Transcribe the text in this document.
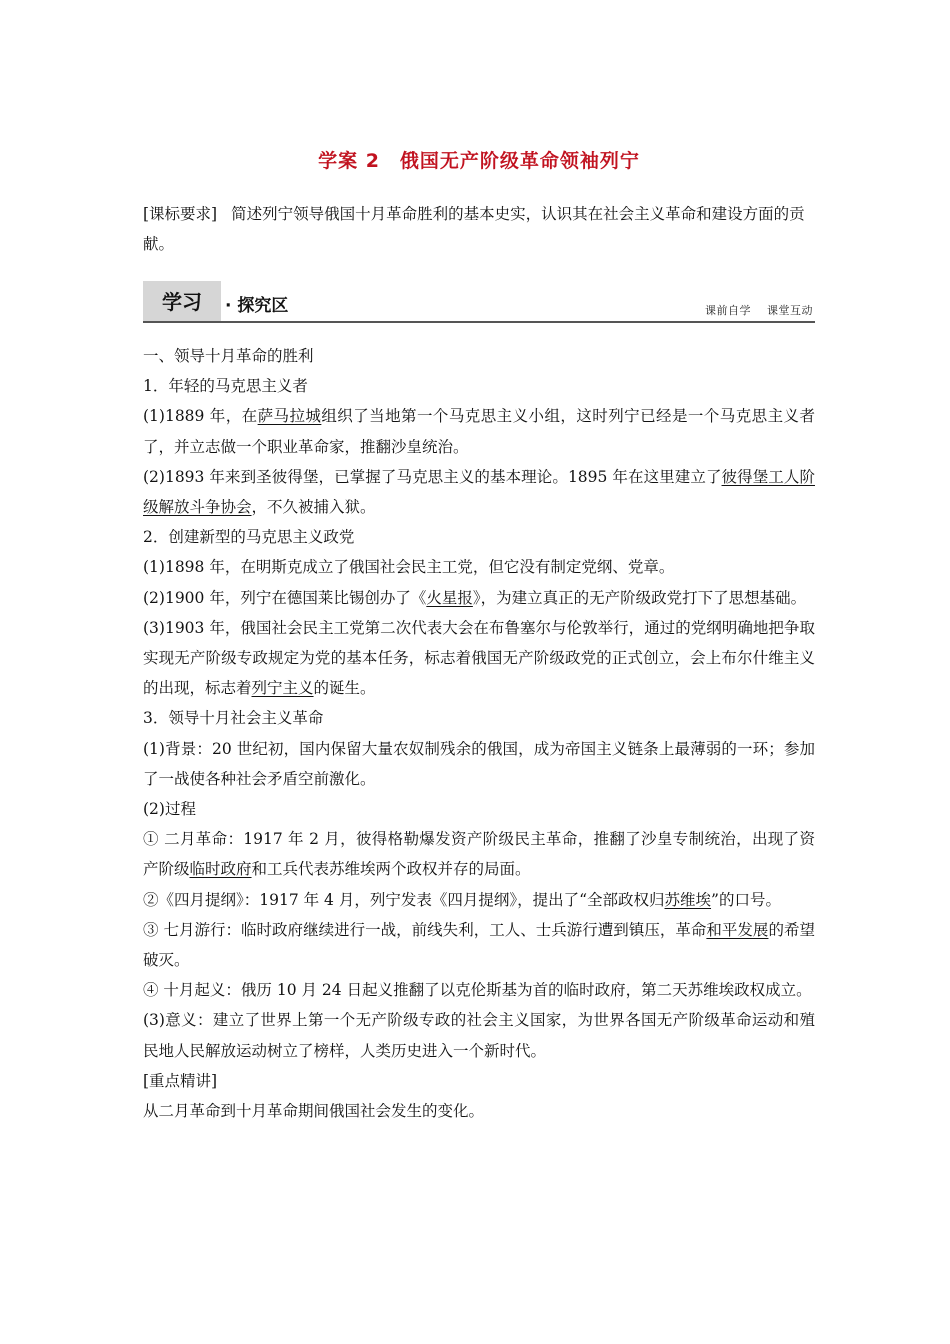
学案 2　俄国无产阶级革命领袖列宁
[课标要求] 简述列宁领导俄国十月革命胜利的基本史实，认识其在社会主义革命和建设方面的贡献。
学习	· 探究区	课前自学 课堂互动

一、领导十月革命的胜利

1．年轻的马克思主义者

(1)1889 年，在萨马拉城组织了当地第一个马克思主义小组，这时列宁已经是一个马克思主义者了，并立志做一个职业革命家，推翻沙皇统治。

(2)1893 年来到圣彼得堡，已掌握了马克思主义的基本理论。1895 年在这里建立了彼得堡工人阶级解放斗争协会，不久被捕入狱。

2．创建新型的马克思主义政党

(1)1898 年，在明斯克成立了俄国社会民主工党，但它没有制定党纲、党章。

(2)1900 年，列宁在德国莱比锡创办了《火星报》，为建立真正的无产阶级政党打下了思想基础。

(3)1903 年，俄国社会民主工党第二次代表大会在布鲁塞尔与伦敦举行，通过的党纲明确地把争取实现无产阶级专政规定为党的基本任务，标志着俄国无产阶级政党的正式创立，会上布尔什维主义的出现，标志着列宁主义的诞生。

3．领导十月社会主义革命

(1)背景：20 世纪初，国内保留大量农奴制残余的俄国，成为帝国主义链条上最薄弱的一环；参加了一战使各种社会矛盾空前激化。

(2)过程

① 二月革命：1917 年 2 月，彼得格勒爆发资产阶级民主革命，推翻了沙皇专制统治，出现了资产阶级临时政府和工兵代表苏维埃两个政权并存的局面。

②《四月提纲》：1917 年 4 月，列宁发表《四月提纲》，提出了“全部政权归苏维埃”的口号。

③ 七月游行：临时政府继续进行一战，前线失利，工人、士兵游行遭到镇压，革命和平发展的希望破灭。

④ 十月起义：俄历 10 月 24 日起义推翻了以克伦斯基为首的临时政府，第二天苏维埃政权成立。

(3)意义：建立了世界上第一个无产阶级专政的社会主义国家，为世界各国无产阶级革命运动和殖民地人民解放运动树立了榜样，人类历史进入一个新时代。

[重点精讲]

从二月革命到十月革命期间俄国社会发生的变化。
